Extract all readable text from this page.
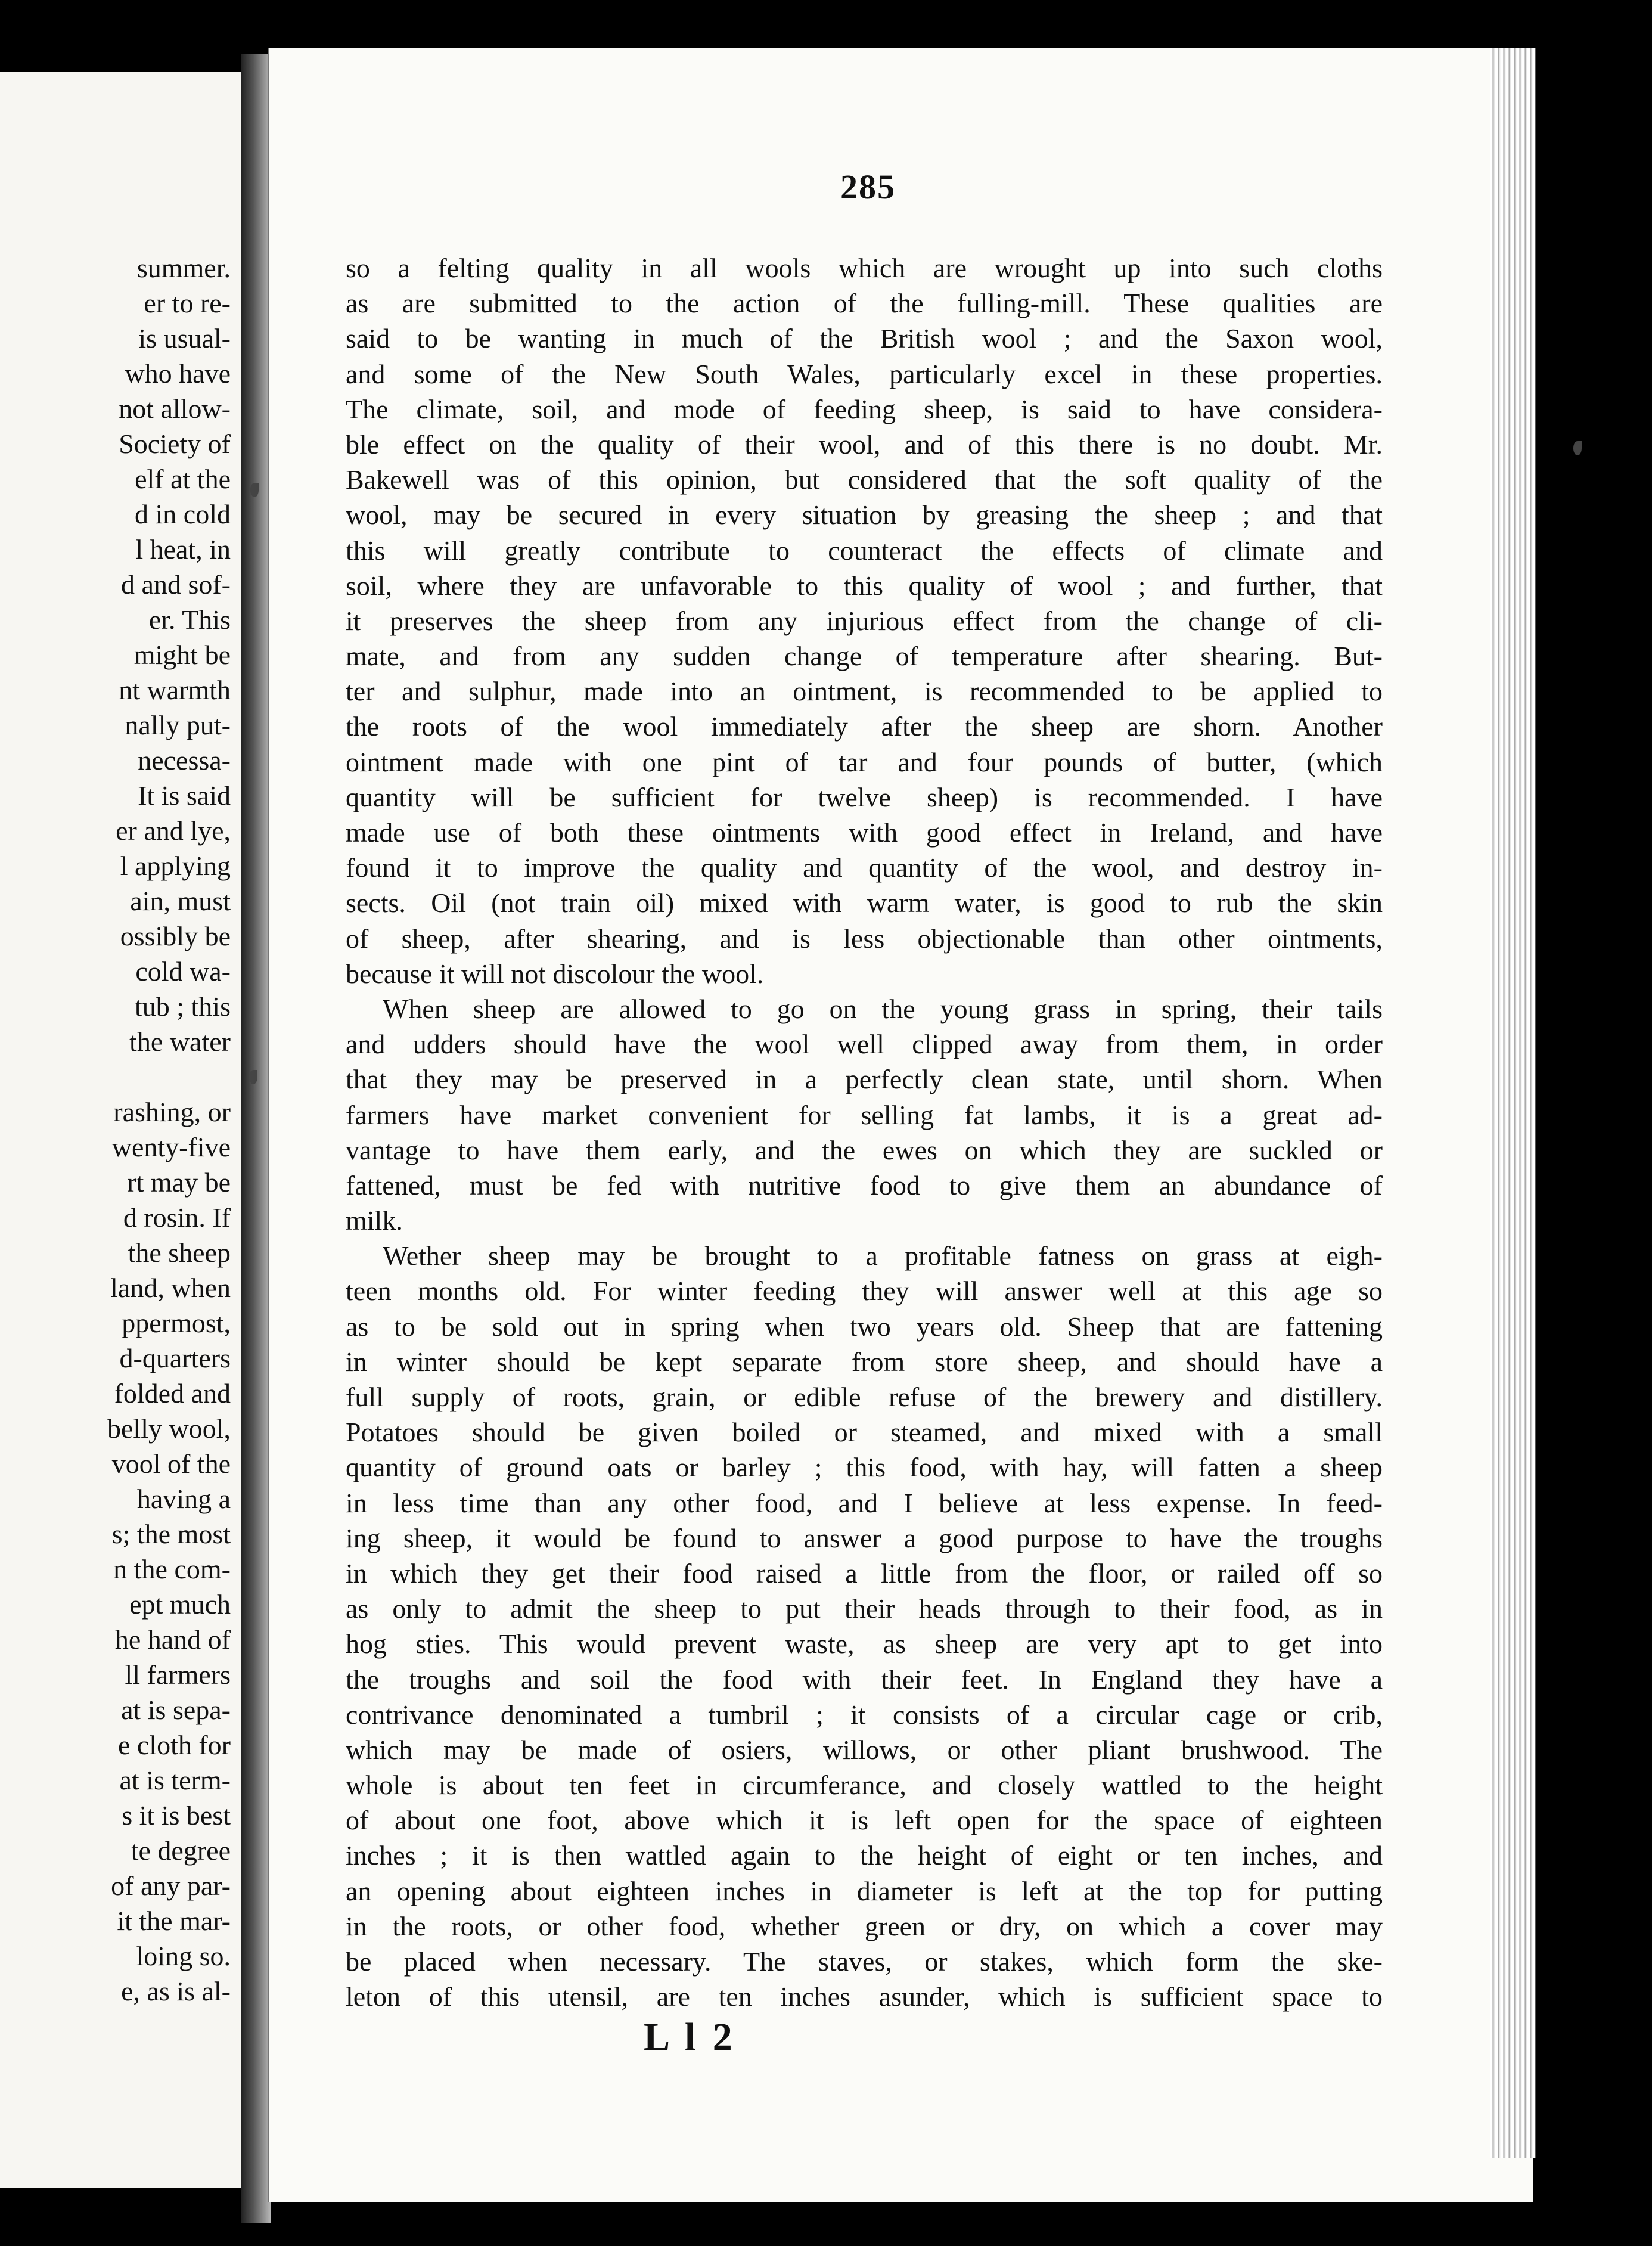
summer.
er to re-
is usual-
who have
not allow-
Society of
elf at the
d in cold
l heat, in
d and sof-
er. This
might be
nt warmth
nally put-
necessa-
It is said
er and lye,
l applying
ain, must
ossibly be
cold wa-
tub ; this
the water
rashing, or
wenty-five
rt may be
d rosin. If
the sheep
land, when
ppermost,
d-quarters
folded and
belly wool,
vool of the
having a
s; the most
n the com-
ept much
he hand of
ll farmers
at is sepa-
e cloth for
at is term-
s it is best
te degree
of any par-
it the mar-
loing so.
e, as is al-
285
so a felting quality in all wools which are wrought up into such cloths
as are submitted to the action of the fulling-mill. These qualities are
said to be wanting in much of the British wool ; and the Saxon wool,
and some of the New South Wales, particularly excel in these properties.
The climate, soil, and mode of feeding sheep, is said to have considera-
ble effect on the quality of their wool, and of this there is no doubt. Mr.
Bakewell was of this opinion, but considered that the soft quality of the
wool, may be secured in every situation by greasing the sheep ; and that
this will greatly contribute to counteract the effects of climate and
soil, where they are unfavorable to this quality of wool ; and further, that
it preserves the sheep from any injurious effect from the change of cli-
mate, and from any sudden change of temperature after shearing. But-
ter and sulphur, made into an ointment, is recommended to be applied to
the roots of the wool immediately after the sheep are shorn. Another
ointment made with one pint of tar and four pounds of butter, (which
quantity will be sufficient for twelve sheep) is recommended. I have
made use of both these ointments with good effect in Ireland, and have
found it to improve the quality and quantity of the wool, and destroy in-
sects. Oil (not train oil) mixed with warm water, is good to rub the skin
of sheep, after shearing, and is less objectionable than other ointments,
because it will not discolour the wool.
When sheep are allowed to go on the young grass in spring, their tails
and udders should have the wool well clipped away from them, in order
that they may be preserved in a perfectly clean state, until shorn. When
farmers have market convenient for selling fat lambs, it is a great ad-
vantage to have them early, and the ewes on which they are suckled or
fattened, must be fed with nutritive food to give them an abundance of
milk.
Wether sheep may be brought to a profitable fatness on grass at eigh-
teen months old. For winter feeding they will answer well at this age so
as to be sold out in spring when two years old. Sheep that are fattening
in winter should be kept separate from store sheep, and should have a
full supply of roots, grain, or edible refuse of the brewery and distillery.
Potatoes should be given boiled or steamed, and mixed with a small
quantity of ground oats or barley ; this food, with hay, will fatten a sheep
in less time than any other food, and I believe at less expense. In feed-
ing sheep, it would be found to answer a good purpose to have the troughs
in which they get their food raised a little from the floor, or railed off so
as only to admit the sheep to put their heads through to their food, as in
hog sties. This would prevent waste, as sheep are very apt to get into
the troughs and soil the food with their feet. In England they have a
contrivance denominated a tumbril ; it consists of a circular cage or crib,
which may be made of osiers, willows, or other pliant brushwood. The
whole is about ten feet in circumferance, and closely wattled to the height
of about one foot, above which it is left open for the space of eighteen
inches ; it is then wattled again to the height of eight or ten inches, and
an opening about eighteen inches in diameter is left at the top for putting
in the roots, or other food, whether green or dry, on which a cover may
be placed when necessary. The staves, or stakes, which form the ske-
leton of this utensil, are ten inches asunder, which is sufficient space to
L l 2
